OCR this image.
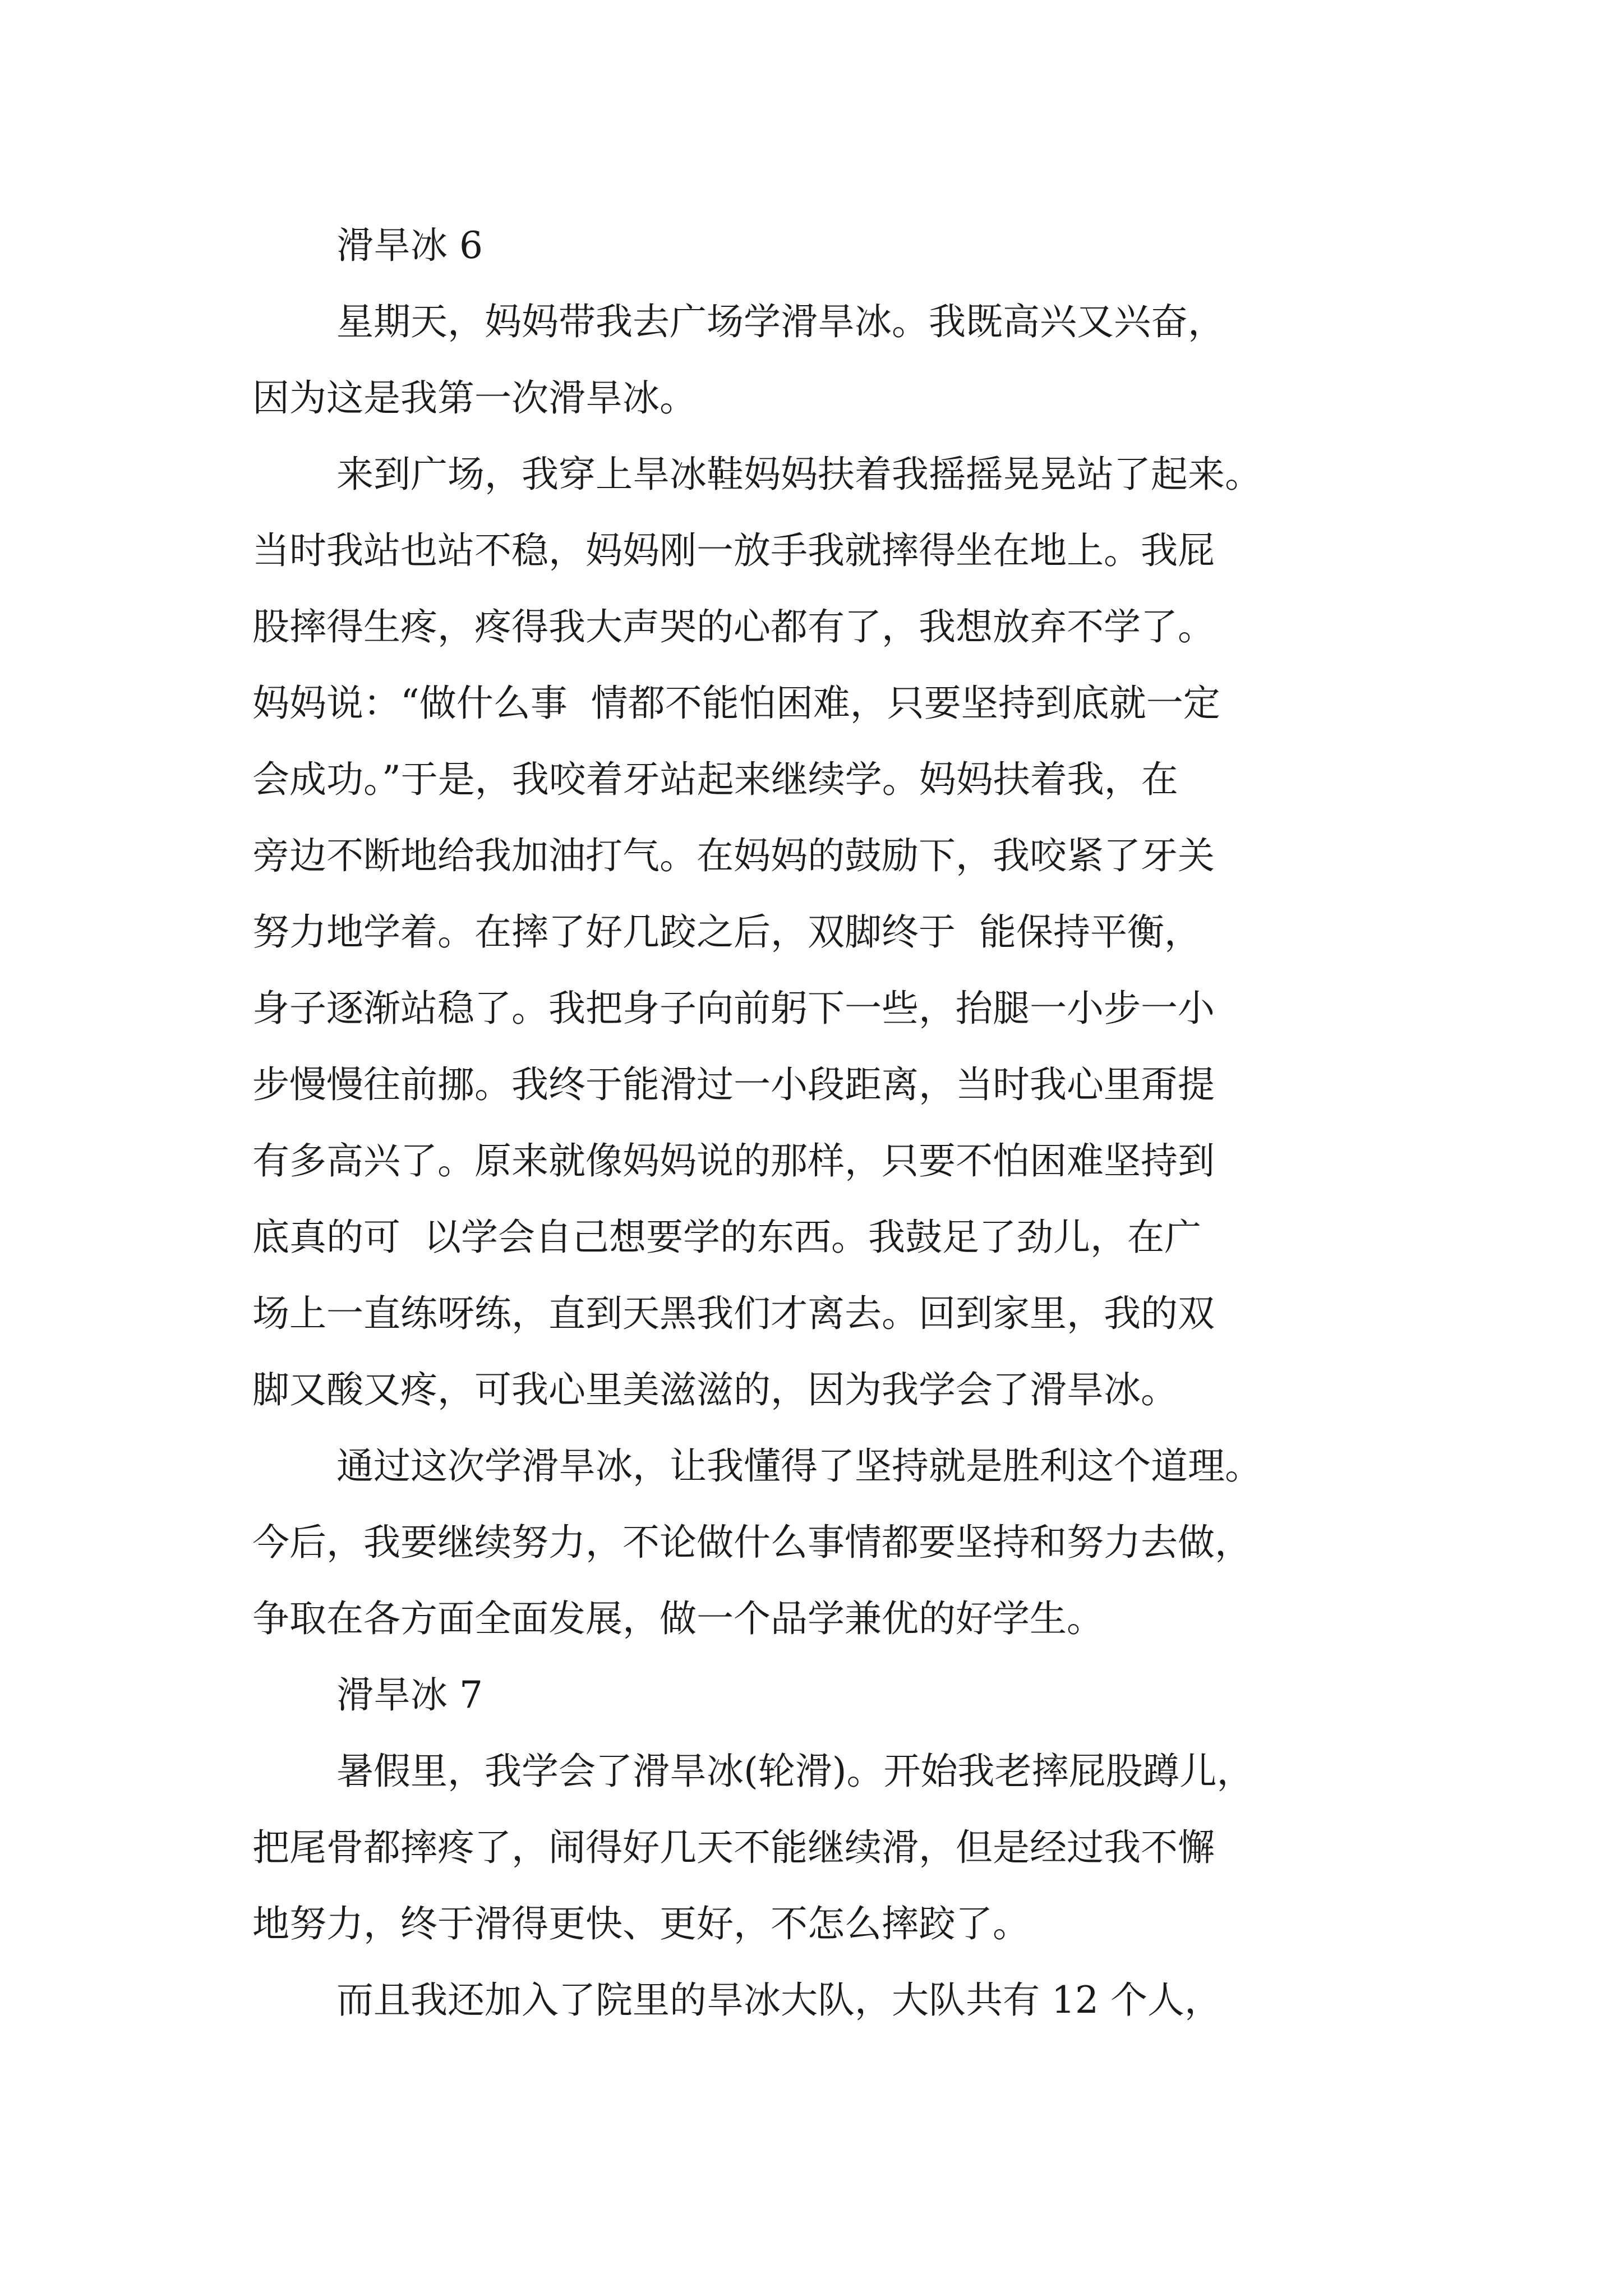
滑旱冰 6
星期天，妈妈带我去广场学滑旱冰。我既高兴又兴奋，
因为这是我第一次滑旱冰。
来到广场，我穿上旱冰鞋妈妈扶着我摇摇晃晃站了起来。
当时我站也站不稳，妈妈刚一放手我就摔得坐在地上。我屁
股摔得生疼，疼得我大声哭的心都有了，我想放弃不学了。
妈妈说：“做什么事  情都不能怕困难，只要坚持到底就一定
会成功。”于是，我咬着牙站起来继续学。妈妈扶着我，在
旁边不断地给我加油打气。在妈妈的鼓励下，我咬紧了牙关
努力地学着。在摔了好几跤之后，双脚终于  能保持平衡，
身子逐渐站稳了。我把身子向前躬下一些，抬腿一小步一小
步慢慢往前挪。我终于能滑过一小段距离，当时我心里甭提
有多高兴了。原来就像妈妈说的那样，只要不怕困难坚持到
底真的可  以学会自己想要学的东西。我鼓足了劲儿，在广
场上一直练呀练，直到天黑我们才离去。回到家里，我的双
脚又酸又疼，可我心里美滋滋的，因为我学会了滑旱冰。
通过这次学滑旱冰，让我懂得了坚持就是胜利这个道理。
今后，我要继续努力，不论做什么事情都要坚持和努力去做，
争取在各方面全面发展，做一个品学兼优的好学生。
滑旱冰 7
暑假里，我学会了滑旱冰(轮滑)。开始我老摔屁股蹲儿，
把尾骨都摔疼了，闹得好几天不能继续滑，但是经过我不懈
地努力，终于滑得更快、更好，不怎么摔跤了。
而且我还加入了院里的旱冰大队，大队共有 12 个人，
